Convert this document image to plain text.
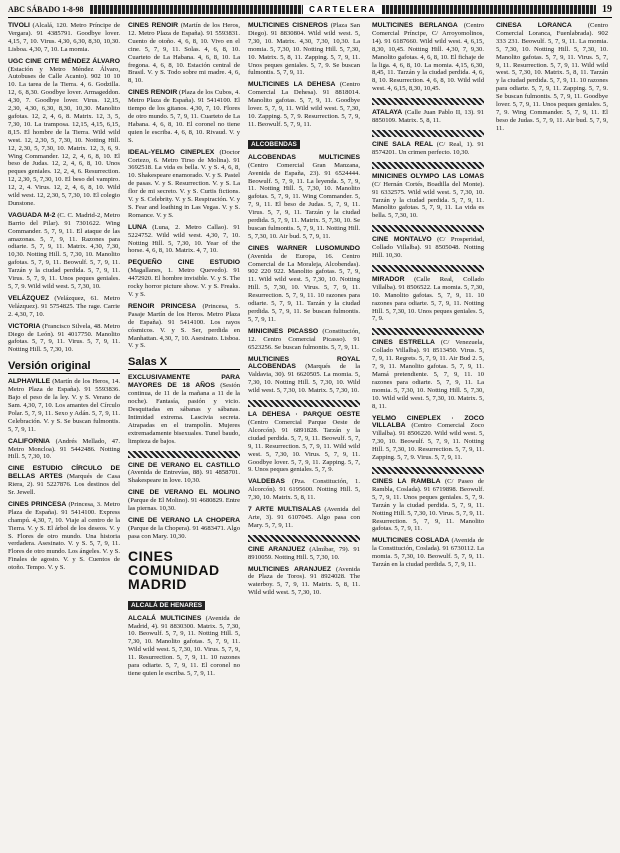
ABC SÁBADO 1-8-98	CARTELERA	19
TIVOLI (Alcalá, 120. Metro Príncipe de Vergara). 91 4385791. Goodbye lover. 4,15, 7, 10. Virus. 4,30, 6,30, 8,30, 10,30. Lisboa. 4,30, 7, 10. La momia.
UGC CINE CITE MÉNDEZ ÁLVARO (Estación y Metro Méndez Álvaro, Autobuses de Calle Acanto). 902 10 10 10. La tarea de la Tierra. 4, 6. Godzilla. 12, 6, 8,30. Goodbye lover. Armageddon. 4,30, 7. Goodbye lover. Virus. 12,15, 2,30, 4,30, 6,30, 8,30, 10,30. Manolito gafotas. 12, 2, 4, 6, 8. Matrix. 12, 3, 5, 7,30, 10. La tramposa. 12,15, 4,15, 6,15, 8,15. El hombre de la Tierra. Wild wild west. 12, 2,30, 5, 7,30, 10. Notting Hill. 12, 2,30, 5, 7,30, 10. Matrix. 12, 3, 6, 9. Wing Commander. 12, 2, 4, 6, 8, 10. El beso de Judas. 12, 2, 4, 6, 8, 10. Unos peques geniales. 12, 2, 4, 6. Resurrection. 12, 2,30, 5, 7,30, 10. El beso del vampiro. 12, 2, 4. Virus. 12, 2, 4, 6, 8, 10. Wild wild west. 12, 2,30, 5, 7,30, 10. El colegio Dunstone.
VAGUADA M-2 (C. C. Madrid-2, Metro Barrio del Pilar). 91 7301622. Wing Commander. 5, 7, 9, 11. El ataque de las amazonas. 5, 7, 9, 11. Razones para odiarte. 5, 7, 9, 11. Matrix. 4,30, 7,30, 10,30. Notting Hill. 5, 7,30, 10. Manolito gafotas. 5, 7, 9, 11. Beowulf. 5, 7, 9, 11. Tarzán y la ciudad perdida. 5, 7, 9, 11. Virus. 5, 7, 9, 11. Unos peques geniales. 5, 7, 9. Wild wild west. 5, 7,30, 10.
VELÁZQUEZ (Velázquez, 61. Metro Velázquez). 91 5754825. The rage. Carrie 2. 4,30, 7, 10.
VICTORIA (Francisco Silvela, 48. Metro Diego de León). 91 4017750. Manolito gafotas. 5, 7, 9, 11. Virus. 5, 7, 9, 11. Notting Hill. 5, 7,30, 10.
Versión original
ALPHAVILLE (Martín de los Heros, 14. Metro Plaza de España). 91 5593836. Bajo el peso de la ley. V. y S. Verano de Sam. 4,30, 7, 10. Los amantes del Círculo Polar. 5, 7, 9, 11. Sexo y Adán. 5, 7, 9, 11. Celebración. V. y S. Se buscan fulmontis. 5, 7, 9, 11.
CALIFORNIA (Andrés Mellado, 47. Metro Moncloa). 91 5442486. Notting Hill. 5, 7,30, 10.
CINE ESTUDIO CÍRCULO DE BELLAS ARTES (Marqués de Casa Riera, 2). 91 5227876. Los destinos del Sr. Jewell.
CINES PRINCESA (Princesa, 3. Metro Plaza de España). 91 5414100. Express champú. 4,30, 7, 10. Viaje al centro de la Tierra. V. y S. El árbol de los deseos. V. y S. Flores de otro mundo. Una historia verdadera. Asesinato. V. y S. 5, 7, 9, 11. Flores de otro mundo. Los ángeles. V. y S. Finales de agosto. V. y S. Cuentos de otoño. Tempo. V. y S.
CINES RENOIR (Martín de los Heros, 12. Metro Plaza de España). 91 5593831. Cuento de otoño. 4, 6, 8, 10. Vivo en el cine. 5, 7, 9, 11. Solas. 4, 6, 8, 10. Cuarteto de La Habana. 4, 6, 8, 10. La fregona. 4, 6, 8, 10. Estación central de Brasil. V. y S. Todo sobre mi madre. 4, 6, 8, 10.
CINES RENOIR (Plaza de los Cubos, 4. Metro Plaza de España). 91 5414100. El tiempo de los gitanos. 4,30, 7, 10. Flores de otro mundo. 5, 7, 9, 11. Cuarteto de La Habana. 4, 6, 8, 10. El coronel no tiene quien le escriba. 4, 6, 8, 10. Rivaud. V. y S.
IDEAL-YELMO CINEPLEX (Doctor Cortezo, 6. Metro Tirso de Molina). 91 3692518. La vida es bella. V. y S. 4, 6, 8, 10. Shakespeare enamorado. V. y S. Pastel de pasas. V. y S. Resurrection. V. y S. La flor de mi secreto. V. y S. Curtis fictions. V. y S. Celebrity. V. y S. Respiración. V. y S. Fear and loathing in Las Vegas. V. y S. Romance. V. y S.
LUNA (Luna, 2. Metro Callao). 91 5224752. Wild wild west. 4,30, 7, 10. Notting Hill. 5, 7,30, 10. Year of the horse. 4, 6, 8, 10. Matrix. 4, 7, 10.
PEQUEÑO CINE ESTUDIO (Magallanes, 1. Metro Quevedo). 91 4472920. El hombre invisible. V. y S. The rocky horror picture show. V. y S. Freaks. V. y S.
RENOIR PRINCESA (Princesa, 5. Pasaje Martín de los Heros. Metro Plaza de España). 91 5414100. Los rayos cósmicos. V. y S. Ser, perdida en Manhattan. 4,30, 7, 10. Asesinato. Lisboa. V. y S.
Salas X
EXCLUSIVAMENTE PARA MAYORES DE 18 AÑOS (Sesión continua, de 11 de la mañana a 11 de la noche). Fantasía, pasión y vicio. Desquitadas en sábanas y sábanas. Intimidad extrema. Lascivia secreta. Atrapadas en el trampolín. Mujeres extremadamente bisexuales. Tunel baudo, limpieza de bajos.
CINE DE VERANO EL CASTILLO (Avenida de Entrevías, 88). 91 4858701. Shakespeare in love. 10,30.
CINE DE VERANO EL MOLINO (Parque de El Molino). 91 4680829. Entre las piernas. 10,30.
CINE DE VERANO LA CHOPERA (Parque de la Chopera). 91 4683471. Algo pasa con Mary. 10,30.
CINES COMUNIDAD MADRID
ALCALÁ DE HENARES
ALCALÁ MULTICINES (Avenida de Madrid, 4). 91 8830300. Matrix. 5, 7,30, 10. Beowulf. 5, 7, 9, 11. Notting Hill. 5, 7,30, 10. Manolito gafotas. 5, 7, 9, 11. Wild wild west. 5, 7,30, 10. Virus. 5, 7, 9, 11. Resurrection. 5, 7, 9, 11. 10 razones para odiarte. 5, 7, 9, 11. El coronel no tiene quien le escriba. 5, 7, 9, 11.
MULTICINES CISNEROS (Plaza San Diego). 91 8830804. Wild wild west. 5, 7,30, 10. Matrix. 4,30, 7,30, 10,30. La momia. 5, 7,30, 10. Notting Hill. 5, 7,30, 10. Matrix. 5, 8, 11. Zapping. 5, 7, 9, 11. Unos peques geniales. 5, 7, 9. Se buscan fulmontis. 5, 7, 9, 11.
MULTICINES LA DEHESA (Centro Comercial La Dehesa). 91 8818014. Manolito gafotas. 5, 7, 9, 11. Goodbye lover. 5, 7, 9, 11. Wild wild west. 5, 7,30, 10. Zapping. 5, 7, 9. Resurrection. 5, 7, 9, 11. Beowulf. 5, 7, 9, 11.
ALCOBENDAS
ALCOBENDAS MULTICINES (Centro Comercial Gran Manzana, Avenida de España, 23). 91 6524444. Beowulf. 5, 7, 9, 11. La leyenda. 5, 7, 9, 11. Notting Hill. 5, 7,30, 10. Manolito gafotas. 5, 7, 9, 11. Wing Commander. 5, 7, 9, 11. El beso de Judas. 5, 7, 9, 11. Virus. 5, 7, 9, 11. Tarzán y la ciudad perdida. 5, 7, 9, 11. Matrix. 5, 7,30, 10. Se buscan fulmontis. 5, 7, 9, 11. Notting Hill. 5, 7,30, 10. Air bud. 5, 7, 9, 11.
CINES WARNER LUSOMUNDO (Avenida de Europa, 16. Centro Comercial de La Moraleja, Alcobendas). 902 220 922. Manolito gafotas. 5, 7, 9, 11. Wild wild west. 5, 7,30, 10. Notting Hill. 5, 7,30, 10. Virus. 5, 7, 9, 11. Resurrection. 5, 7, 9, 11. 10 razones para odiarte. 5, 7, 9, 11. Tarzán y la ciudad perdida. 5, 7, 9, 11. Se buscan fulmontis. 5, 7, 9, 11.
MINICINES PICASSO (Constitución, 12. Centro Comercial Picasso). 91 6523256. Se buscan fulmontis. 5, 7, 9, 11.
MULTICINES ROYAL ALCOBENDAS (Marqués de la Valdavia, 30). 91 6620505. La momia. 5, 7,30, 10. Notting Hill. 5, 7,30, 10. Wild wild west. 5, 7,30, 10. Matrix. 5, 7,30, 10.
LA DEHESA · PARQUE OESTE (Centro Comercial Parque Oeste de Alcorcón). 91 6891828. Tarzán y la ciudad perdida. 5, 7, 9, 11. Beowulf. 5, 7, 9, 11. Resurrection. 5, 7, 9, 11. Wild wild west. 5, 7,30, 10. Virus. 5, 7, 9, 11. Goodbye lover. 5, 7, 9, 11. Zapping. 5, 7, 9. Unos peques geniales. 5, 7, 9.
VALDEBAS (Pza. Constitución, 1. Alcorcón). 91 6195600. Notting Hill. 5, 7,30, 10. Matrix. 5, 8, 11.
7 ARTE MULTISALAS (Avenida del Arte, 3). 91 6107045. Algo pasa con Mary. 5, 7, 9, 11.
CINE ARANJUEZ (Almíbar, 79). 91 8910059. Notting Hill. 5, 7,30, 10.
MULTICINES ARANJUEZ (Avenida de Plaza de Toros). 91 8924028. The waterboy. 5, 7, 9, 11. Matrix. 5, 8, 11. Wild wild west. 5, 7,30, 10.
MULTICINES BERLANGA (Centro Comercial Príncipe, C/ Arroyomolinos, 14). 91 6187660. Wild wild west. 4, 6,15, 8,30, 10,45. Notting Hill. 4,30, 7, 9,30. Manolito gafotas. 4, 6, 8, 10. El fichaje de la liga. 4, 6, 8, 10. La momia. 4,15, 6,30, 8,45, 11. Tarzán y la ciudad perdida. 4, 6, 8, 10. Resurrection. 4, 6, 8, 10. Wild wild west. 4, 6,15, 8,30, 10,45.
ATALAYA (Calle Juan Pablo II, 13). 91 8850109. Matrix. 5, 8, 11.
CINE SALA REAL (C/ Real, 1). 91 8574201. Un crimen perfecto. 10,30.
MINICINES OLYMPO LAS LOMAS (C/ Hernán Cortés, Boadilla del Monte). 91 6332575. Wild wild west. 5, 7,30, 10. Tarzán y la ciudad perdida. 5, 7, 9, 11. Manolito gafotas. 5, 7, 9, 11. La vida es bella. 5, 7,30, 10.
CINE MONTALVO (C/ Prosperidad, Collado Villalba). 91 8505048. Notting Hill. 10,30.
MIRADOR (Calle Real, Collado Villalba). 91 8506522. La momia. 5, 7,30, 10. Manolito gafotas. 5, 7, 9, 11. 10 razones para odiarte. 5, 7, 9, 11. Notting Hill. 5, 7,30, 10. Unos peques geniales. 5, 7, 9.
CINES ESTRELLA (C/ Venezuela, Collado Villalba). 91 8513450. Virus. 5, 7, 9, 11. Regrets. 5, 7, 9, 11. Air Bud 2. 5, 7, 9, 11. Manolito gafotas. 5, 7, 9, 11. Mamá pretendiente. 5, 7, 9, 11. 10 razones para odiarte. 5, 7, 9, 11. La momia. 5, 7,30, 10. Notting Hill. 5, 7,30, 10. Wild wild west. 5, 7,30, 10. Matrix. 5, 8, 11.
YELMO CINEPLEX · ZOCO VILLALBA (Centro Comercial Zoco Villalba). 91 8506220. Wild wild west. 5, 7,30, 10. Beowulf. 5, 7, 9, 11. Notting Hill. 5, 7,30, 10. Resurrection. 5, 7, 9, 11. Zapping. 5, 7, 9. Virus. 5, 7, 9, 11.
CINES LA RAMBLA (C/ Paseo de Rambla, Coslada). 91 6719898. Beowulf. 5, 7, 9, 11. Unos peques geniales. 5, 7, 9. Tarzán y la ciudad perdida. 5, 7, 9, 11. Notting Hill. 5, 7,30, 10. Virus. 5, 7, 9, 11. Resurrection. 5, 7, 9, 11. Manolito gafotas. 5, 7, 9, 11.
MULTICINES COSLADA (Avenida de la Constitución, Coslada). 91 6730112. La momia. 5, 7,30, 10. Beowulf. 5, 7, 9, 11. Tarzán en la ciudad perdida. 5, 7, 9, 11.
CINESA LORANCA (Centro Comercial Loranca, Fuenlabrada). 902 333 231. Beowulf. 5, 7, 9, 11. La momia. 5, 7,30, 10. Notting Hill. 5, 7,30, 10. Manolito gafotas. 5, 7, 9, 11. Virus. 5, 7, 9, 11. Resurrection. 5, 7, 9, 11. Wild wild west. 5, 7,30, 10. Matrix. 5, 8, 11. Tarzán y la ciudad perdida. 5, 7, 9, 11. 10 razones para odiarte. 5, 7, 9, 11. Zapping. 5, 7, 9. Se buscan fulmontis. 5, 7, 9, 11. Goodbye lover. 5, 7, 9, 11. Unos peques geniales. 5, 7, 9. Wing Commander. 5, 7, 9, 11. El beso de Judas. 5, 7, 9, 11. Air bud. 5, 7, 9, 11.
